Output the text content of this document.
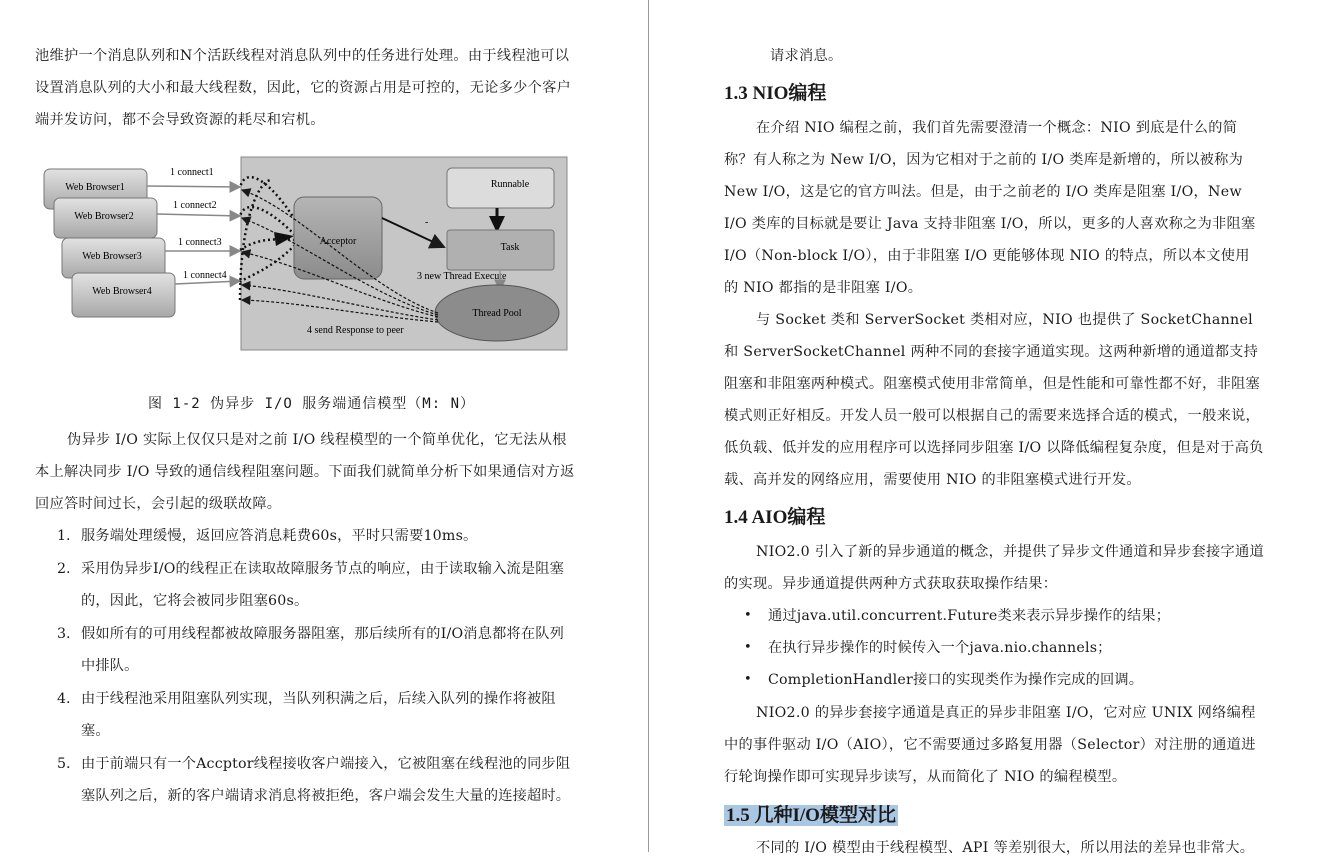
池维护一个消息队列和N个活跃线程对消息队列中的任务进行处理。由于线程池可以设置消息队列的大小和最大线程数，因此，它的资源占用是可控的，无论多少个客户端并发访问，都不会导致资源的耗尽和宕机。

Web Browser1
Web Browser2
Web Browser3
Web Browser4
1 connect1
1 connect2
1 connect3
1 connect4
Acceptor
Runnable
Task
-
3 new Thread Execute
Thread Pool
4 send Response to peer
图 1-2 伪异步 I/O 服务端通信模型（M: N）

伪异步 I/O 实际上仅仅只是对之前 I/O 线程模型的一个简单优化，它无法从根本上解决同步 I/O 导致的通信线程阻塞问题。下面我们就简单分析下如果通信对方返回应答时间过长，会引起的级联故障。

1. 服务端处理缓慢，返回应答消息耗费60s，平时只需要10ms。
2. 采用伪异步I/O的线程正在读取故障服务节点的响应，由于读取输入流是阻塞的，因此，它将会被同步阻塞60s。
3. 假如所有的可用线程都被故障服务器阻塞，那后续所有的I/O消息都将在队列中排队。
4. 由于线程池采用阻塞队列实现，当队列积满之后，后续入队列的操作将被阻塞。
5. 由于前端只有一个Accptor线程接收客户端接入，它被阻塞在线程池的同步阻塞队列之后，新的客户端请求消息将被拒绝，客户端会发生大量的连接超时。

请求消息。

1.3 NIO编程

在介绍 NIO 编程之前，我们首先需要澄清一个概念：NIO 到底是什么的简称？有人称之为 New I/O，因为它相对于之前的 I/O 类库是新增的，所以被称为 New I/O，这是它的官方叫法。但是，由于之前老的 I/O 类库是阻塞 I/O，New I/O 类库的目标就是要让 Java 支持非阻塞 I/O，所以，更多的人喜欢称之为非阻塞 I/O（Non-block I/O），由于非阻塞 I/O 更能够体现 NIO 的特点，所以本文使用的 NIO 都指的是非阻塞 I/O。

与 Socket 类和 ServerSocket 类相对应，NIO 也提供了 SocketChannel 和 ServerSocketChannel 两种不同的套接字通道实现。这两种新增的通道都支持阻塞和非阻塞两种模式。阻塞模式使用非常简单，但是性能和可靠性都不好，非阻塞模式则正好相反。开发人员一般可以根据自己的需要来选择合适的模式，一般来说，低负载、低并发的应用程序可以选择同步阻塞 I/O 以降低编程复杂度，但是对于高负载、高并发的网络应用，需要使用 NIO 的非阻塞模式进行开发。

1.4 AIO编程

NIO2.0 引入了新的异步通道的概念，并提供了异步文件通道和异步套接字通道的实现。异步通道提供两种方式获取获取操作结果：

• 通过java.util.concurrent.Future类来表示异步操作的结果；
• 在执行异步操作的时候传入一个java.nio.channels；
• CompletionHandler接口的实现类作为操作完成的回调。

NIO2.0 的异步套接字通道是真正的异步非阻塞 I/O，它对应 UNIX 网络编程中的事件驱动 I/O（AIO），它不需要通过多路复用器（Selector）对注册的通道进行轮询操作即可实现异步读写，从而简化了 NIO 的编程模型。

1.5 几种I/O模型对比

不同的 I/O 模型由于线程模型、API 等差别很大，所以用法的差异也非常大。
